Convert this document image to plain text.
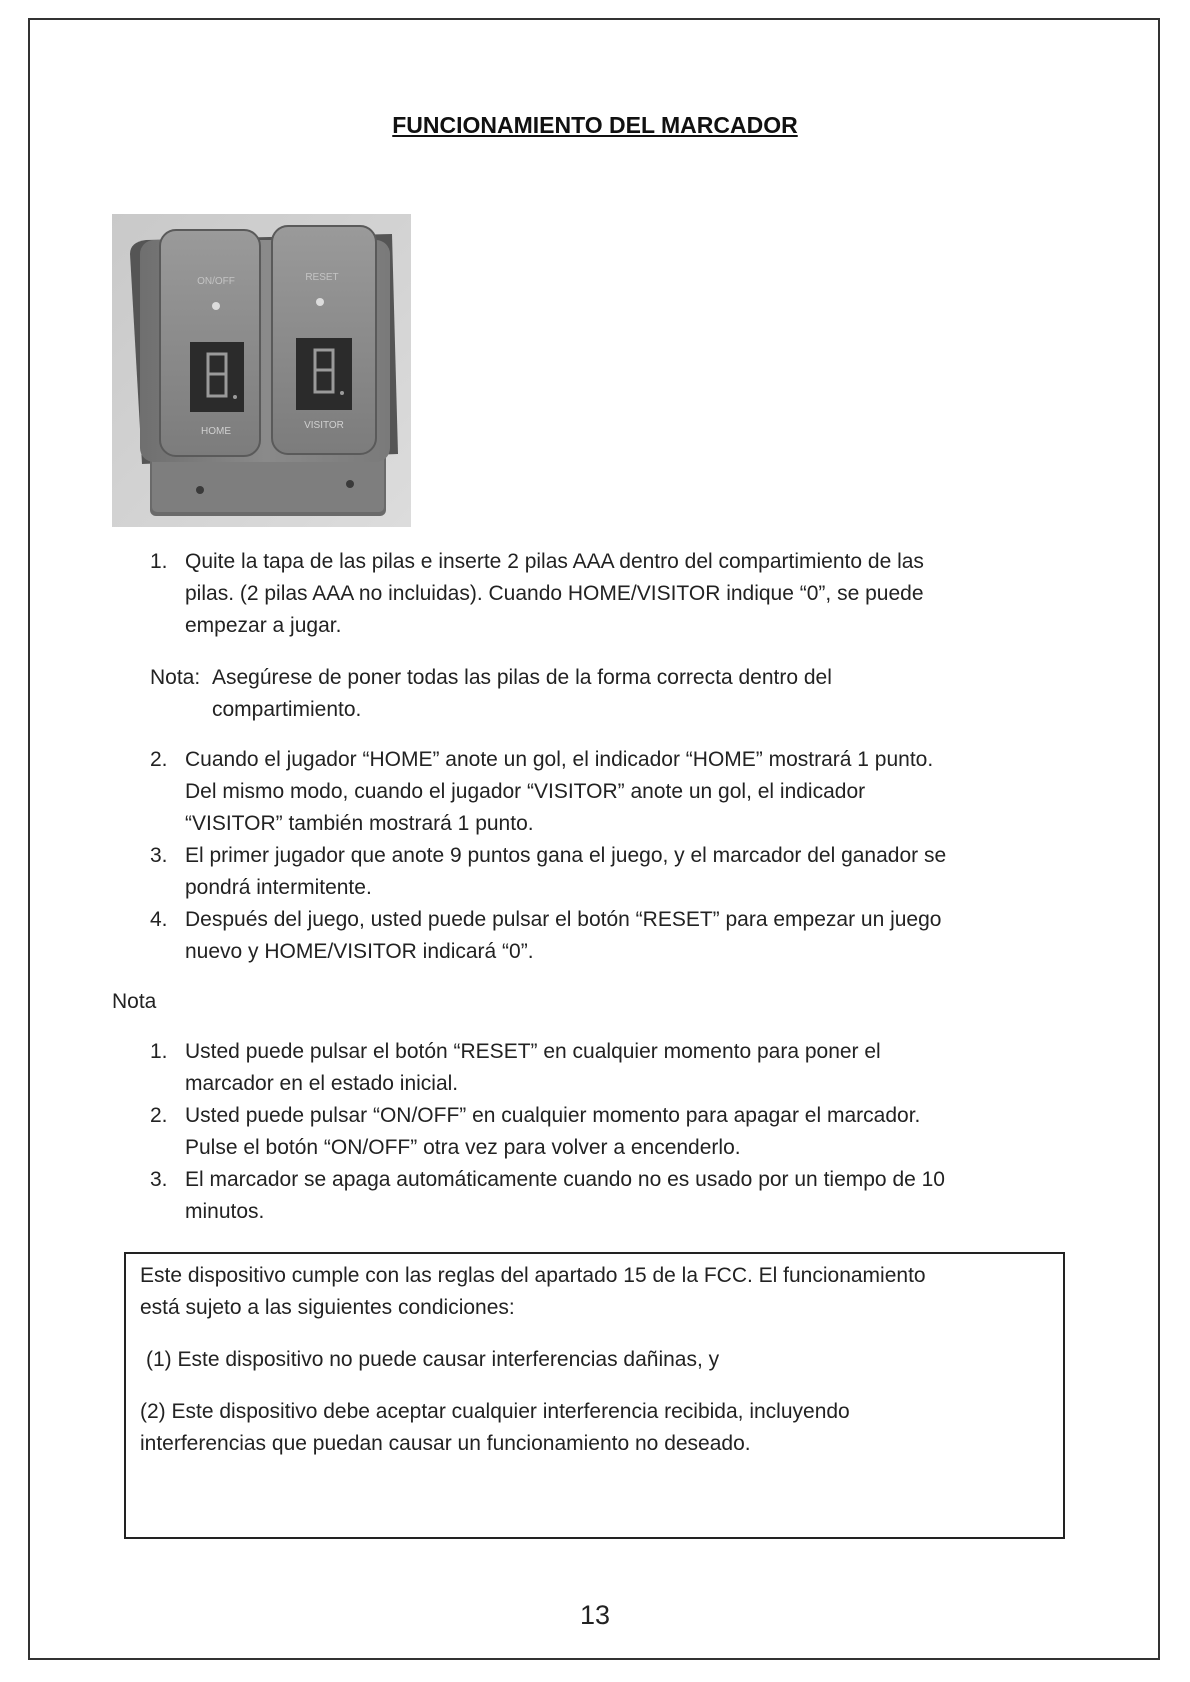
FUNCIONAMIENTO DEL MARCADOR
ON/OFF	RESET
HOME
VISITOR
1. Quite la tapa de las pilas e inserte 2 pilas AAA dentro del compartimiento de las
pilas. (2 pilas AAA no incluidas). Cuando HOME/VISITOR indique “0”, se puede
empezar a jugar.
Nota: Asegúrese de poner todas las pilas de la forma correcta dentro del
compartimiento.
2. Cuando el jugador “HOME” anote un gol, el indicador “HOME” mostrará 1 punto.
Del mismo modo, cuando el jugador “VISITOR” anote un gol, el indicador
“VISITOR” también mostrará 1 punto.
3. El primer jugador que anote 9 puntos gana el juego, y el marcador del ganador se
pondrá intermitente.
4. Después del juego, usted puede pulsar el botón “RESET” para empezar un juego
nuevo y HOME/VISITOR indicará “0”.
Nota
1. Usted puede pulsar el botón “RESET” en cualquier momento para poner el
marcador en el estado inicial.
2. Usted puede pulsar “ON/OFF” en cualquier momento para apagar el marcador.
Pulse el botón “ON/OFF” otra vez para volver a encenderlo.
3. El marcador se apaga automáticamente cuando no es usado por un tiempo de 10
minutos.
Este dispositivo cumple con las reglas del apartado 15 de la FCC. El funcionamiento
está sujeto a las siguientes condiciones:
(1) Este dispositivo no puede causar interferencias dañinas, y
(2) Este dispositivo debe aceptar cualquier interferencia recibida, incluyendo
interferencias que puedan causar un funcionamiento no deseado.
13
